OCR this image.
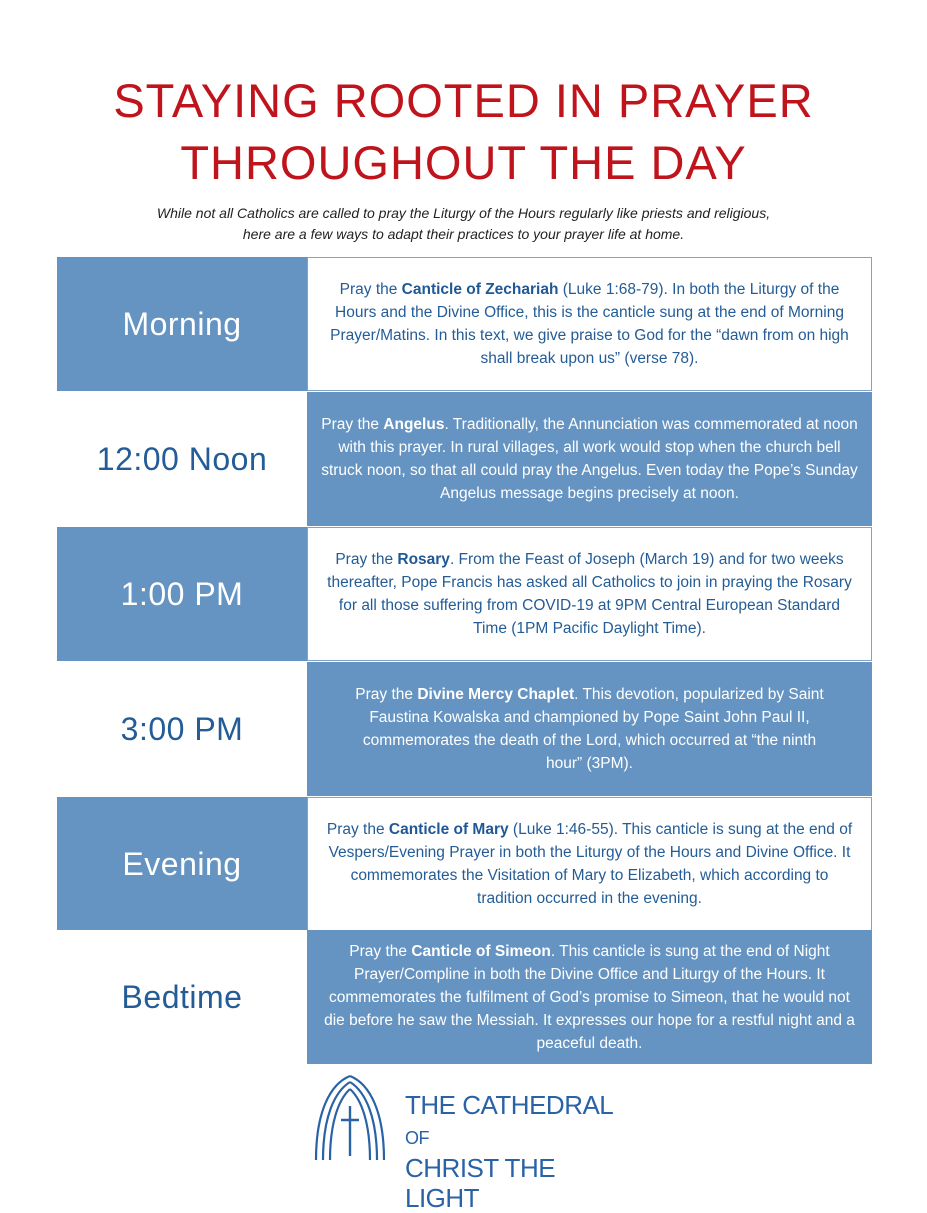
STAYING ROOTED IN PRAYER
THROUGHOUT THE DAY
While not all Catholics are called to pray the Liturgy of the Hours regularly like priests and religious,
here are a few ways to adapt their practices to your prayer life at home.
Morning
Pray the Canticle of Zechariah (Luke 1:68-79). In both the Liturgy of the Hours and the Divine Office, this is the canticle sung at the end of Morning Prayer/Matins. In this text, we give praise to God for the “dawn from on high shall break upon us” (verse 78).
12:00 Noon
Pray the Angelus. Traditionally, the Annunciation was commemorated at noon with this prayer. In rural villages, all work would stop when the church bell struck noon, so that all could pray the Angelus. Even today the Pope’s Sunday Angelus message begins precisely at noon.
1:00 PM
Pray the Rosary. From the Feast of Joseph (March 19) and for two weeks thereafter, Pope Francis has asked all Catholics to join in praying the Rosary for all those suffering from COVID-19 at 9PM Central European Standard Time (1PM Pacific Daylight Time).
3:00 PM
Pray the Divine Mercy Chaplet. This devotion, popularized by Saint Faustina Kowalska and championed by Pope Saint John Paul II, commemorates the death of the Lord, which occurred at “the ninth hour” (3PM).
Evening
Pray the Canticle of Mary (Luke 1:46-55). This canticle is sung at the end of Vespers/Evening Prayer in both the Liturgy of the Hours and Divine Office. It commemorates the Visitation of Mary to Elizabeth, which according to tradition occurred in the evening.
Bedtime
Pray the Canticle of Simeon. This canticle is sung at the end of Night Prayer/Compline in both the Divine Office and Liturgy of the Hours. It commemorates the fulfilment of God’s promise to Simeon, that he would not die before he saw the Messiah. It expresses our hope for a restful night and a peaceful death.
THE CATHEDRAL
OF
CHRIST THE LIGHT
